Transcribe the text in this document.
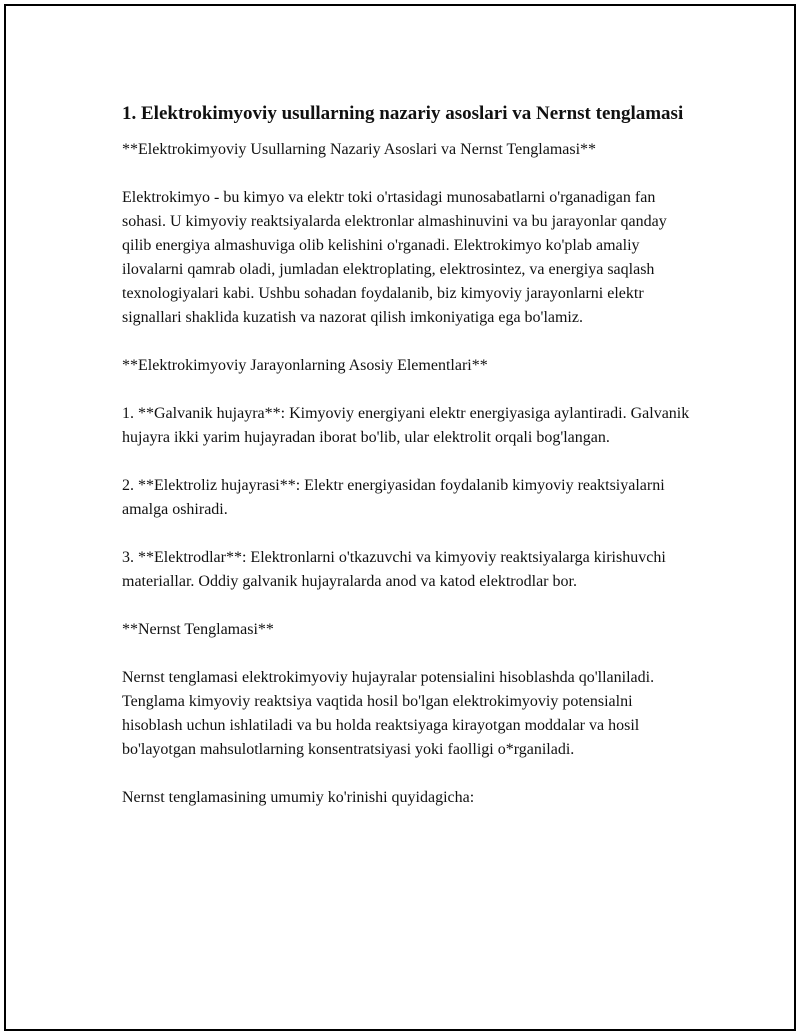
1. Elektrokimyoviy usullarning nazariy asoslari va Nernst tenglamasi

**Elektrokimyoviy Usullarning Nazariy Asoslari va Nernst Tenglamasi**

Elektrokimyo - bu kimyo va elektr toki o'rtasidagi munosabatlarni o'rganadigan fan sohasi. U kimyoviy reaktsiyalarda elektronlar almashinuvini va bu jarayonlar qanday qilib energiya almashuviga olib kelishini o'rganadi. Elektrokimyo ko'plab amaliy ilovalarni qamrab oladi, jumladan elektroplating, elektrosintez, va energiya saqlash texnologiyalari kabi. Ushbu sohadan foydalanib, biz kimyoviy jarayonlarni elektr signallari shaklida kuzatish va nazorat qilish imkoniyatiga ega bo'lamiz.

**Elektrokimyoviy Jarayonlarning Asosiy Elementlari**

1. **Galvanik hujayra**: Kimyoviy energiyani elektr energiyasiga aylantiradi. Galvanik hujayra ikki yarim hujayradan iborat bo'lib, ular elektrolit orqali bog'langan.

2. **Elektroliz hujayrasi**: Elektr energiyasidan foydalanib kimyoviy reaktsiyalarni amalga oshiradi.

3. **Elektrodlar**: Elektronlarni o'tkazuvchi va kimyoviy reaktsiyalarga kirishuvchi materiallar. Oddiy galvanik hujayralarda anod va katod elektrodlar bor.

**Nernst Tenglamasi**

Nernst tenglamasi elektrokimyoviy hujayralar potensialini hisoblashda qo'llaniladi. Tenglama kimyoviy reaktsiya vaqtida hosil bo'lgan elektrokimyoviy potensialni hisoblash uchun ishlatiladi va bu holda reaktsiyaga kirayotgan moddalar va hosil bo'layotgan mahsulotlarning konsentratsiyasi yoki faolligi o*rganiladi.

Nernst tenglamasining umumiy ko'rinishi quyidagicha:
